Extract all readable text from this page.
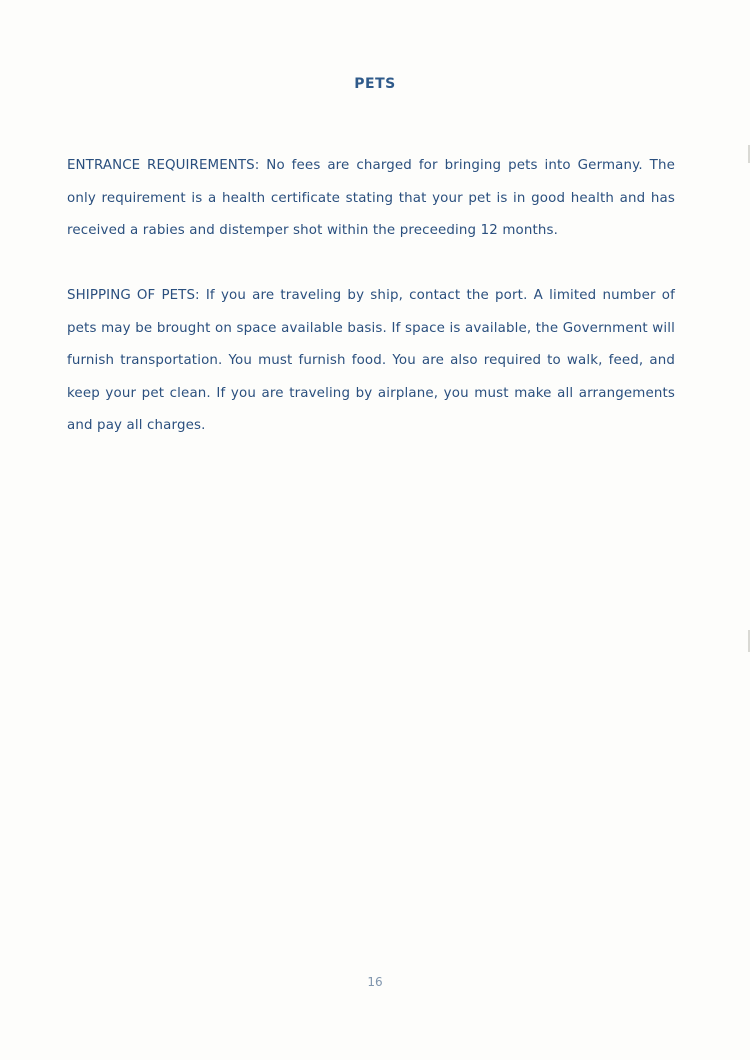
PETS

ENTRANCE REQUIREMENTS: No fees are charged for bringing pets into Germany. The only requirement is a health certificate stating that your pet is in good health and has received a rabies and distemper shot within the preceeding 12 months.

SHIPPING OF PETS: If you are traveling by ship, contact the port. A limited number of pets may be brought on space available basis. If space is available, the Government will furnish transportation. You must furnish food. You are also required to walk, feed, and keep your pet clean. If you are traveling by airplane, you must make all arrangements and pay all charges.

16
